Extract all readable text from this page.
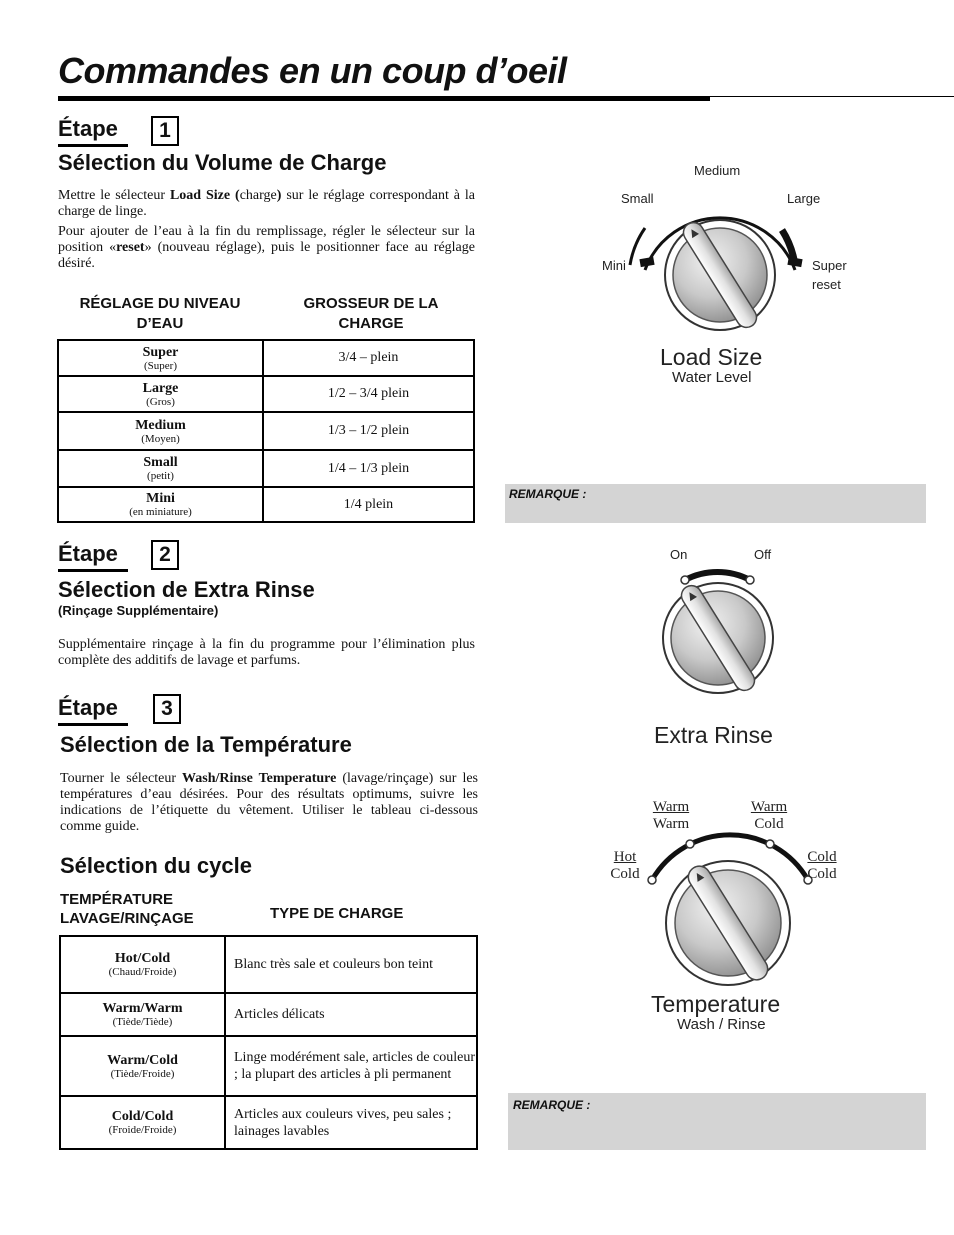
Commandes en un coup d’oeil
Étape	1
Sélection du Volume de Charge
Mettre le sélecteur Load Size (charge) sur le réglage correspondant à la charge de linge.
Pour ajouter de l’eau à la fin du remplissage, régler le sélecteur sur la position «reset» (nouveau réglage), puis le positionner face au réglage désiré.
RÉGLAGE DU NIVEAU D’EAU
GROSSEUR DE LA CHARGE
Super
(Super)	3/4 – plein

Large
(Gros)	1/2 – 3/4 plein

Medium
(Moyen)	1/3 – 1/2 plein

Small
(petit)	1/4 – 1/3 plein

Mini
(en miniature)	1/4 plein
Étape	2
Sélection de Extra Rinse
(Rinçage Supplémentaire)
Supplémentaire rinçage à la fin du programme pour l’élimination plus complète des additifs de lavage et parfums.
Étape	3
Sélection de la Température
Tourner le sélecteur Wash/Rinse Temperature (lavage/rinçage) sur les températures d’eau désirées. Pour des résultats optimums, suivre les indications de l’étiquette du vêtement. Utiliser le tableau ci-dessous comme guide.
Sélection du cycle
TEMPÉRATURE LAVAGE/RINÇAGE	TYPE DE CHARGE
Hot/Cold
(Chaud/Froide)	Blanc très sale et couleurs bon teint

Warm/Warm
(Tiède/Tiède)	Articles délicats

Warm/Cold
(Tiède/Froide)	Linge modérément sale, articles de couleur ; la plupart des articles à pli permanent

Cold/Cold
(Froide/Froide)	Articles aux couleurs vives, peu sales ; lainages lavables
Medium
Small	Large
Mini	Super
reset
Load Size
Water Level
REMARQUE :
On	Off
Extra Rinse
Warm
Warm
Warm
Cold
Hot
Cold
Cold
Cold
Temperature
Wash / Rinse
REMARQUE :
